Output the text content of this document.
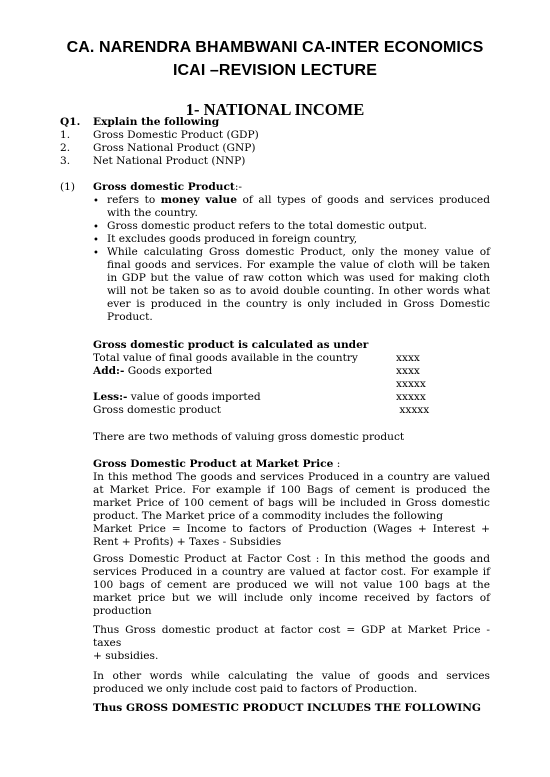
CA. NARENDRA BHAMBWANI CA-INTER ECONOMICS
ICAI –REVISION LECTURE
1- NATIONAL INCOME
Q1. Explain the following
1. Gross Domestic Product (GDP)
2. Gross National Product (GNP)
3. Net National Product (NNP)
(1) Gross domestic Product:-
• refers to money value of all types of goods and services produced with the country.
• Gross domestic product refers to the total domestic output.
• It excludes goods produced in foreign country,
• While calculating Gross domestic Product, only the money value of final goods and services. For example the value of cloth will be taken in GDP but the value of raw cotton which was used for making cloth will not be taken so as to avoid double counting. In other words what ever is produced in the country is only included in Gross Domestic Product.
Gross domestic product is calculated as under
Total value of final goods available in the country	xxxx
Add:- Goods exported	xxxx
xxxxx
Less:- value of goods imported	xxxxx
Gross domestic product	xxxxx
There are two methods of valuing gross domestic product
Gross Domestic Product at Market Price :
In this method The goods and services Produced in a country are valued at Market Price. For example if 100 Bags of cement is produced the market Price of 100 cement of bags will be included in Gross domestic product. The Market price of a commodity includes the following
Market Price = Income to factors of Production (Wages + Interest + Rent + Profits) + Taxes - Subsidies
Gross Domestic Product at Factor Cost : In this method the goods and services Produced in a country are valued at factor cost. For example if 100 bags of cement are produced we will not value 100 bags at the market price but we will include only income received by factors of production
Thus Gross domestic product at factor cost = GDP at Market Price - taxes
+ subsidies.
In other words while calculating the value of goods and services produced we only include cost paid to factors of Production.
Thus GROSS DOMESTIC PRODUCT INCLUDES THE FOLLOWING
